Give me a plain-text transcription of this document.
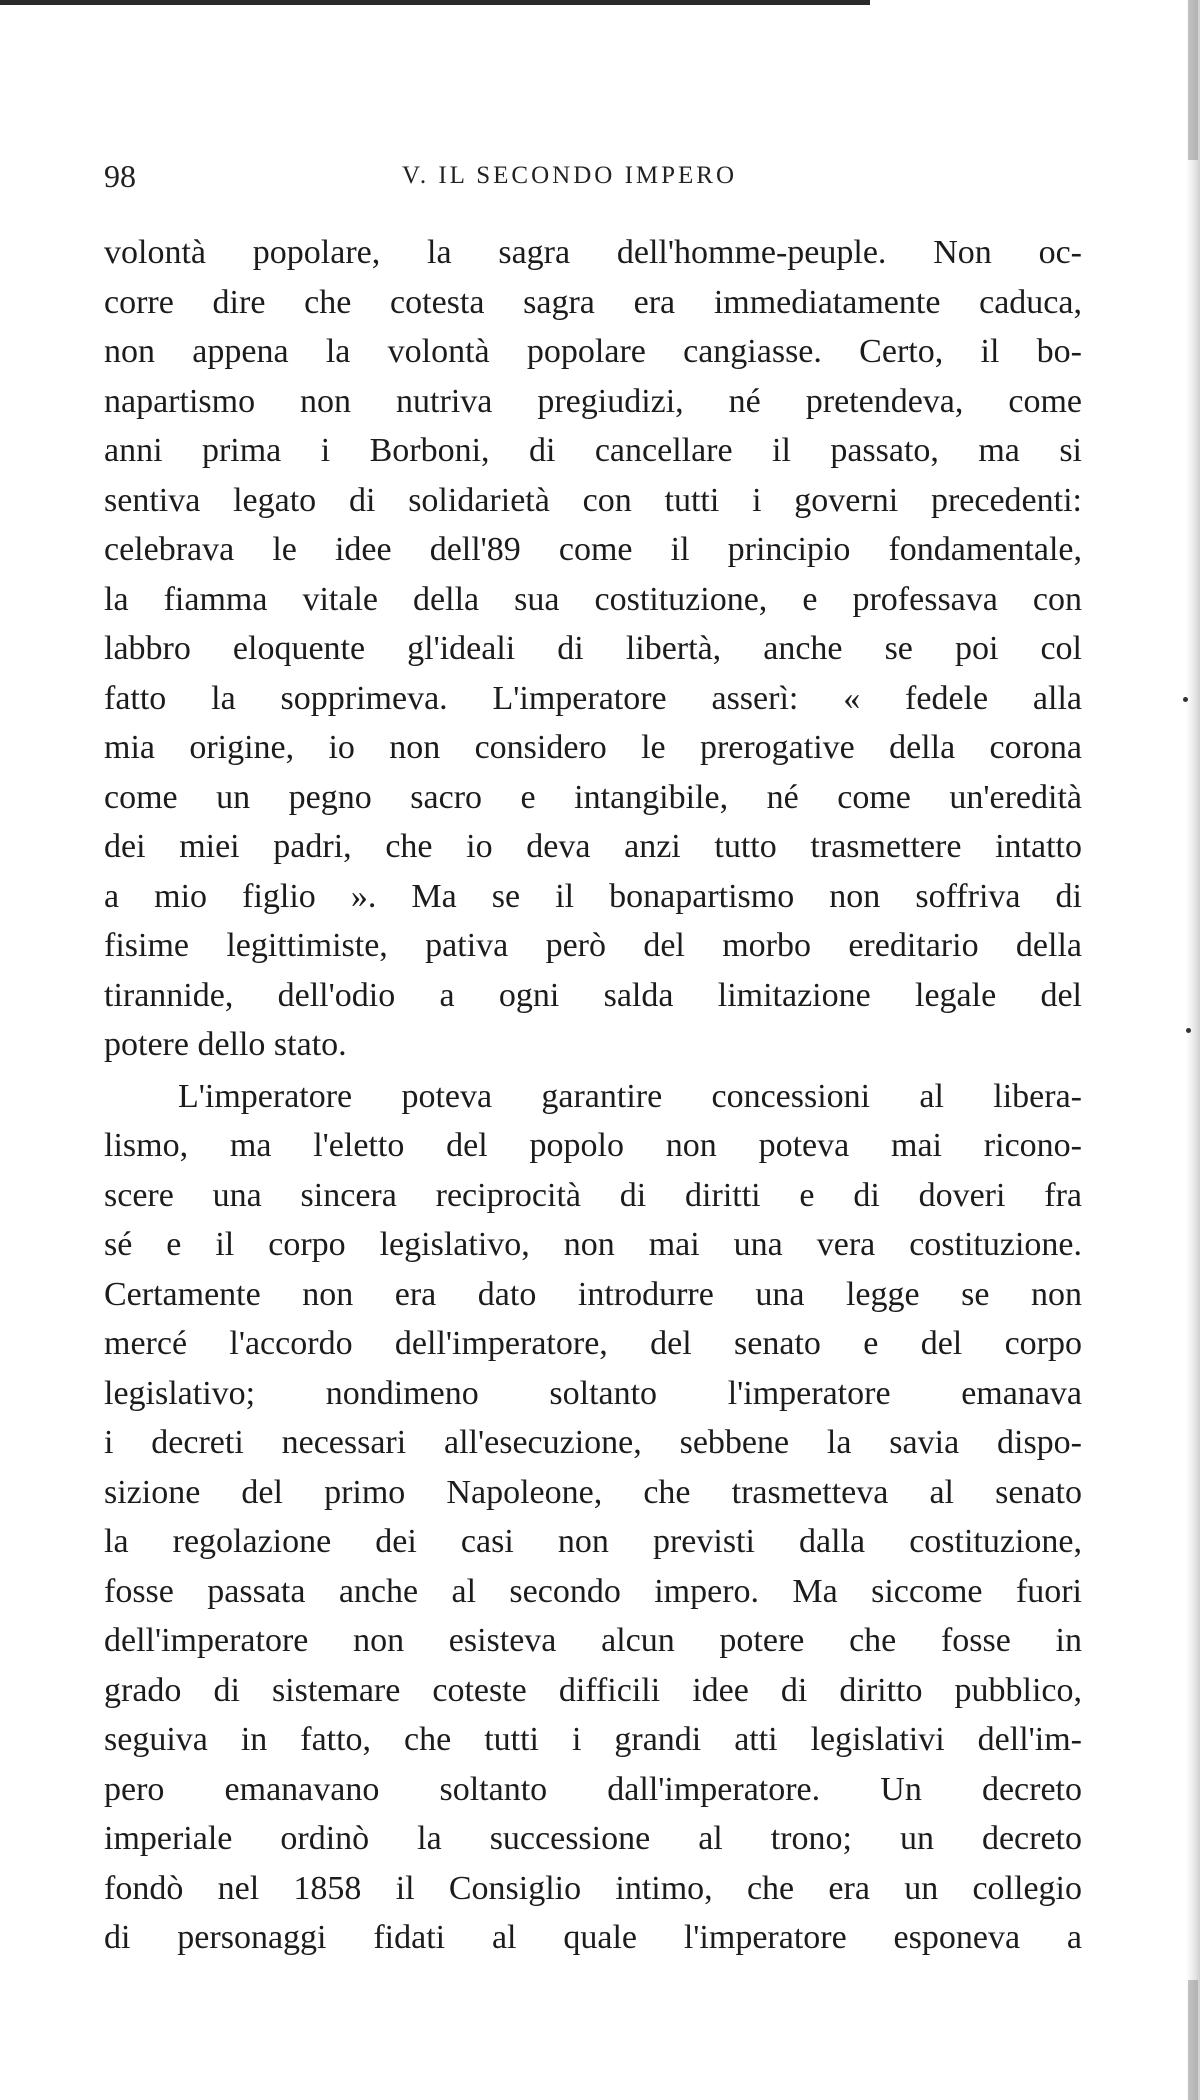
98	V. IL SECONDO IMPERO
volontà popolare, la sagra dell'homme-peuple. Non oc-
corre dire che cotesta sagra era immediatamente caduca,
non appena la volontà popolare cangiasse. Certo, il bo-
napartismo non nutriva pregiudizi, né pretendeva, come
anni prima i Borboni, di cancellare il passato, ma si
sentiva legato di solidarietà con tutti i governi precedenti:
celebrava le idee dell'89 come il principio fondamentale,
la fiamma vitale della sua costituzione, e professava con
labbro eloquente gl'ideali di libertà, anche se poi col
fatto la sopprimeva. L'imperatore asserì: « fedele alla
mia origine, io non considero le prerogative della corona
come un pegno sacro e intangibile, né come un'eredità
dei miei padri, che io deva anzi tutto trasmettere intatto
a mio figlio ». Ma se il bonapartismo non soffriva di
fisime legittimiste, pativa però del morbo ereditario della
tirannide, dell'odio a ogni salda limitazione legale del
potere dello stato.
L'imperatore poteva garantire concessioni al libera-
lismo, ma l'eletto del popolo non poteva mai ricono-
scere una sincera reciprocità di diritti e di doveri fra
sé e il corpo legislativo, non mai una vera costituzione.
Certamente non era dato introdurre una legge se non
mercé l'accordo dell'imperatore, del senato e del corpo
legislativo; nondimeno soltanto l'imperatore emanava
i decreti necessari all'esecuzione, sebbene la savia dispo-
sizione del primo Napoleone, che trasmetteva al senato
la regolazione dei casi non previsti dalla costituzione,
fosse passata anche al secondo impero. Ma siccome fuori
dell'imperatore non esisteva alcun potere che fosse in
grado di sistemare coteste difficili idee di diritto pubblico,
seguiva in fatto, che tutti i grandi atti legislativi dell'im-
pero emanavano soltanto dall'imperatore. Un decreto
imperiale ordinò la successione al trono; un decreto
fondò nel 1858 il Consiglio intimo, che era un collegio
di personaggi fidati al quale l'imperatore esponeva a
